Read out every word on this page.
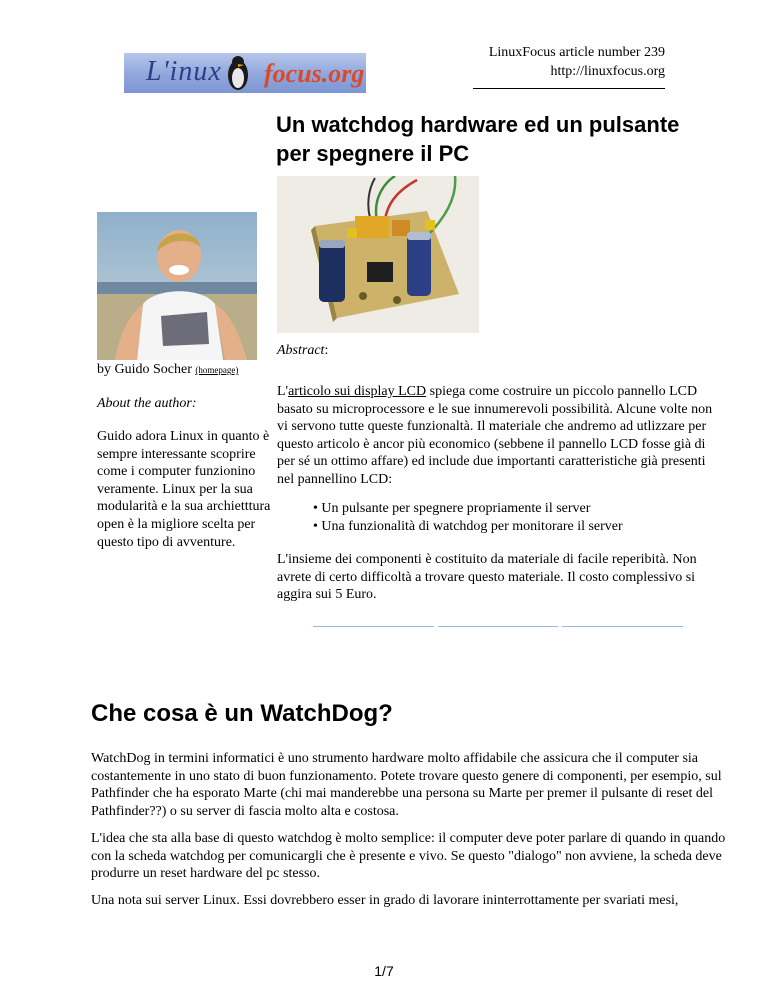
LinuxFocus article number 239
http://linuxfocus.org
L'inux focus.org
Un watchdog hardware ed un pulsante per spegnere il PC
by Guido Socher (homepage)
About the author:
Guido adora Linux in quanto è sempre interessante scoprire come i computer funzionino veramente. Linux per la sua modularità e la sua archietttura open è la migliore scelta per questo tipo di avventure.
Abstract:
L'articolo sui display LCD spiega come costruire un piccolo pannello LCD basato su microprocessore e le sue innumerevoli possibilità. Alcune volte non vi servono tutte queste funzionaltà. Il materiale che andremo ad utlizzare per questo articolo è ancor più economico (sebbene il pannello LCD fosse già di per sé un ottimo affare) ed include due importanti caratteristiche già presenti nel pannellino LCD:
• Un pulsante per spegnere propriamente il server
• Una funzionalità di watchdog per monitorare il server
L'insieme dei componenti è costituito da materiale di facile reperibità. Non avrete di certo difficoltà a trovare questo materiale. Il costo complessivo si aggira sui 5 Euro.
Che cosa è un WatchDog?
WatchDog in termini informatici è uno strumento hardware molto affidabile che assicura che il computer sia costantemente in uno stato di buon funzionamento. Potete trovare questo genere di componenti, per esempio, sul Pathfinder che ha esporato Marte (chi mai manderebbe una persona su Marte per premer il pulsante di reset del Pathfinder??) o su server di fascia molto alta e costosa.
L'idea che sta alla base di questo watchdog è molto semplice: il computer deve poter parlare di quando in quando con la scheda watchdog per comunicargli che è presente e vivo. Se questo "dialogo" non avviene, la scheda deve produrre un reset hardware del pc stesso.
Una nota sui server Linux. Essi dovrebbero esser in grado di lavorare ininterrottamente per svariati mesi,
1/7
